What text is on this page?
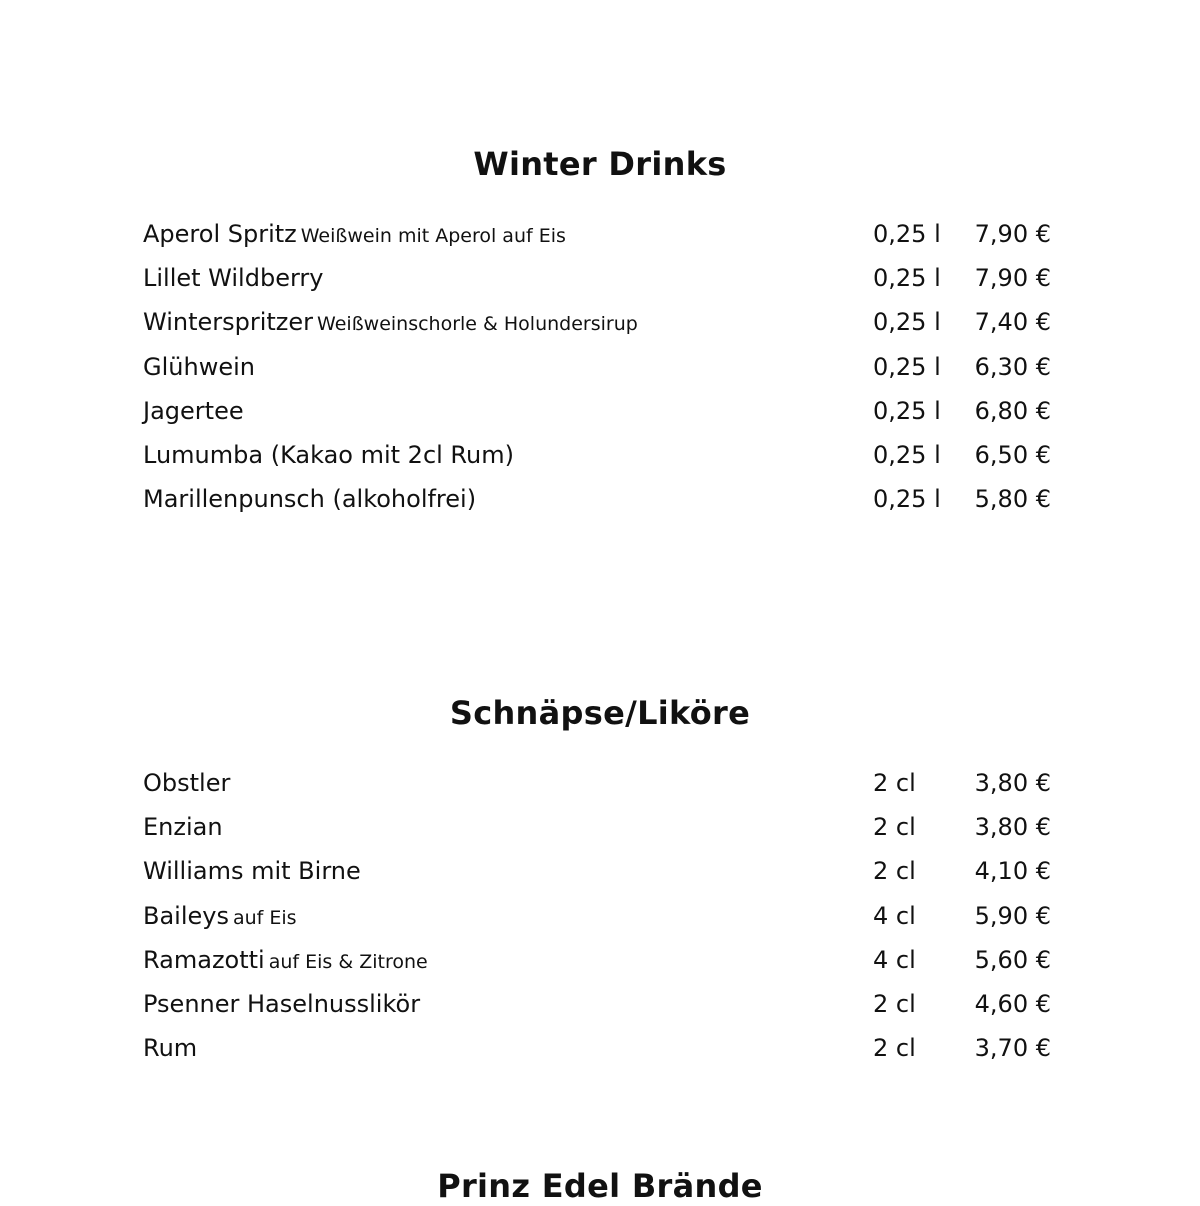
Winter Drinks
Aperol Spritz Weißwein mit Aperol auf Eis	0,25 l 7,90 €
Lillet Wildberry	0,25 l 7,90 €
Winterspritzer Weißweinschorle & Holundersirup	0,25 l 7,40 €
Glühwein	0,25 l 6,30 €
Jagertee	0,25 l 6,80 €
Lumumba (Kakao mit 2cl Rum)	0,25 l 6,50 €
Marillenpunsch (alkoholfrei)	0,25 l 5,80 €
Schnäpse/Liköre
Obstler	2 cl 3,80 €
Enzian	2 cl 3,80 €
Williams mit Birne	2 cl 4,10 €
Baileys auf Eis	4 cl 5,90 €
Ramazotti auf Eis & Zitrone	4 cl 5,60 €
Psenner Haselnusslikör	2 cl 4,60 €
Rum	2 cl 3,70 €
Prinz Edel Brände
